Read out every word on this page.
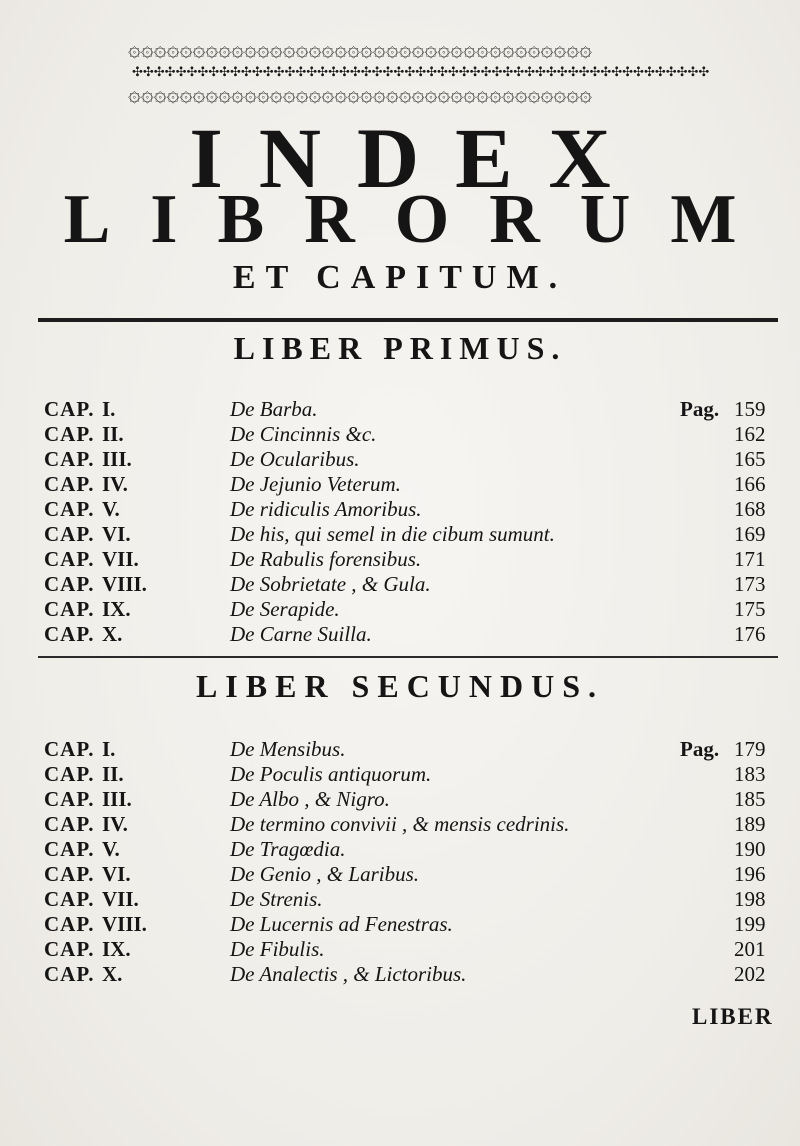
۞۞۞۞۞۞۞۞۞۞۞۞۞۞۞۞۞۞۞۞۞۞۞۞۞۞۞۞۞۞۞۞۞۞۞۞
✣✣✣✣✣✣✣✣✣✣✣✣✣✣✣✣✣✣✣✣✣✣✣✣✣✣✣✣✣✣✣✣✣✣✣✣✣✣✣✣✣✣✣✣✣✣✣✣✣✣✣✣✣
۞۞۞۞۞۞۞۞۞۞۞۞۞۞۞۞۞۞۞۞۞۞۞۞۞۞۞۞۞۞۞۞۞۞۞۞
INDEX
LIBRORUM
ET CAPITUM.
LIBER PRIMUS.
CAP. I.	De Barba.	Pag. 159
CAP. II.	De Cincinnis &c.	162
CAP. III.	De Ocularibus.	165
CAP. IV.	De Jejunio Veterum.	166
CAP. V.	De ridiculis Amoribus.	168
CAP. VI.	De his, qui semel in die cibum sumunt.	169
CAP. VII.	De Rabulis forensibus.	171
CAP. VIII.	De Sobrietate , & Gula.	173
CAP. IX.	De Serapide.	175
CAP. X.	De Carne Suilla.	176
LIBER SECUNDUS.
CAP. I.	De Mensibus.	Pag. 179
CAP. II.	De Poculis antiquorum.	183
CAP. III.	De Albo , & Nigro.	185
CAP. IV.	De termino convivii , & mensis cedrinis.	189
CAP. V.	De Tragœdia.	190
CAP. VI.	De Genio , & Laribus.	196
CAP. VII.	De Strenis.	198
CAP. VIII.	De Lucernis ad Fenestras.	199
CAP. IX.	De Fibulis.	201
CAP. X.	De Analectis , & Lictoribus.	202
LIBER
